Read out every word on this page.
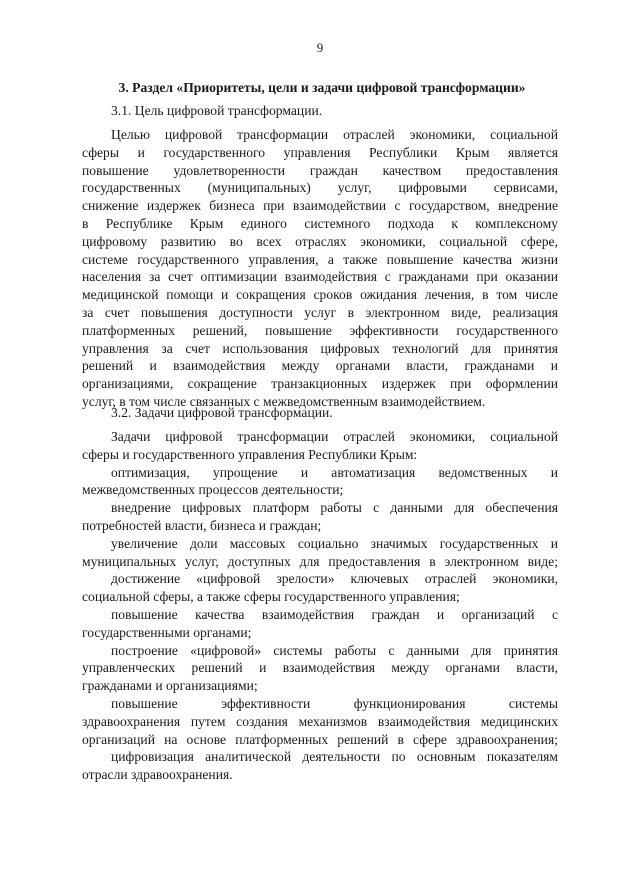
9
3. Раздел «Приоритеты, цели и задачи цифровой трансформации»
3.1. Цель цифровой трансформации.
Целью цифровой трансформации отраслей экономики, социальной
сферы и государственного управления Республики Крым является
повышение удовлетворенности граждан качеством предоставления
государственных (муниципальных) услуг, цифровыми сервисами,
снижение издержек бизнеса при взаимодействии с государством, внедрение
в Республике Крым единого системного подхода к комплексному
цифровому развитию во всех отраслях экономики, социальной сфере,
системе государственного управления, а также повышение качества жизни
населения за счет оптимизации взаимодействия с гражданами при оказании
медицинской помощи и сокращения сроков ожидания лечения, в том числе
за счет повышения доступности услуг в электронном виде, реализация
платформенных решений, повышение эффективности государственного
управления за счет использования цифровых технологий для принятия
решений и взаимодействия между органами власти, гражданами и
организациями, сокращение транзакционных издержек при оформлении
услуг, в том числе связанных с межведомственным взаимодействием.
3.2. Задачи цифровой трансформации.
Задачи цифровой трансформации отраслей экономики, социальной
сферы и государственного управления Республики Крым:
оптимизация, упрощение и автоматизация ведомственных и
межведомственных процессов деятельности;
внедрение цифровых платформ работы с данными для обеспечения
потребностей власти, бизнеса и граждан;
увеличение доли массовых социально значимых государственных и
муниципальных услуг, доступных для предоставления в электронном виде;
достижение «цифровой зрелости» ключевых отраслей экономики,
социальной сферы, а также сферы государственного управления;
повышение качества взаимодействия граждан и организаций с
государственными органами;
построение «цифровой» системы работы с данными для принятия
управленческих решений и взаимодействия между органами власти,
гражданами и организациями;
повышение эффективности функционирования системы
здравоохранения путем создания механизмов взаимодействия медицинских
организаций на основе платформенных решений в сфере здравоохранения;
цифровизация аналитической деятельности по основным показателям
отрасли здравоохранения.
